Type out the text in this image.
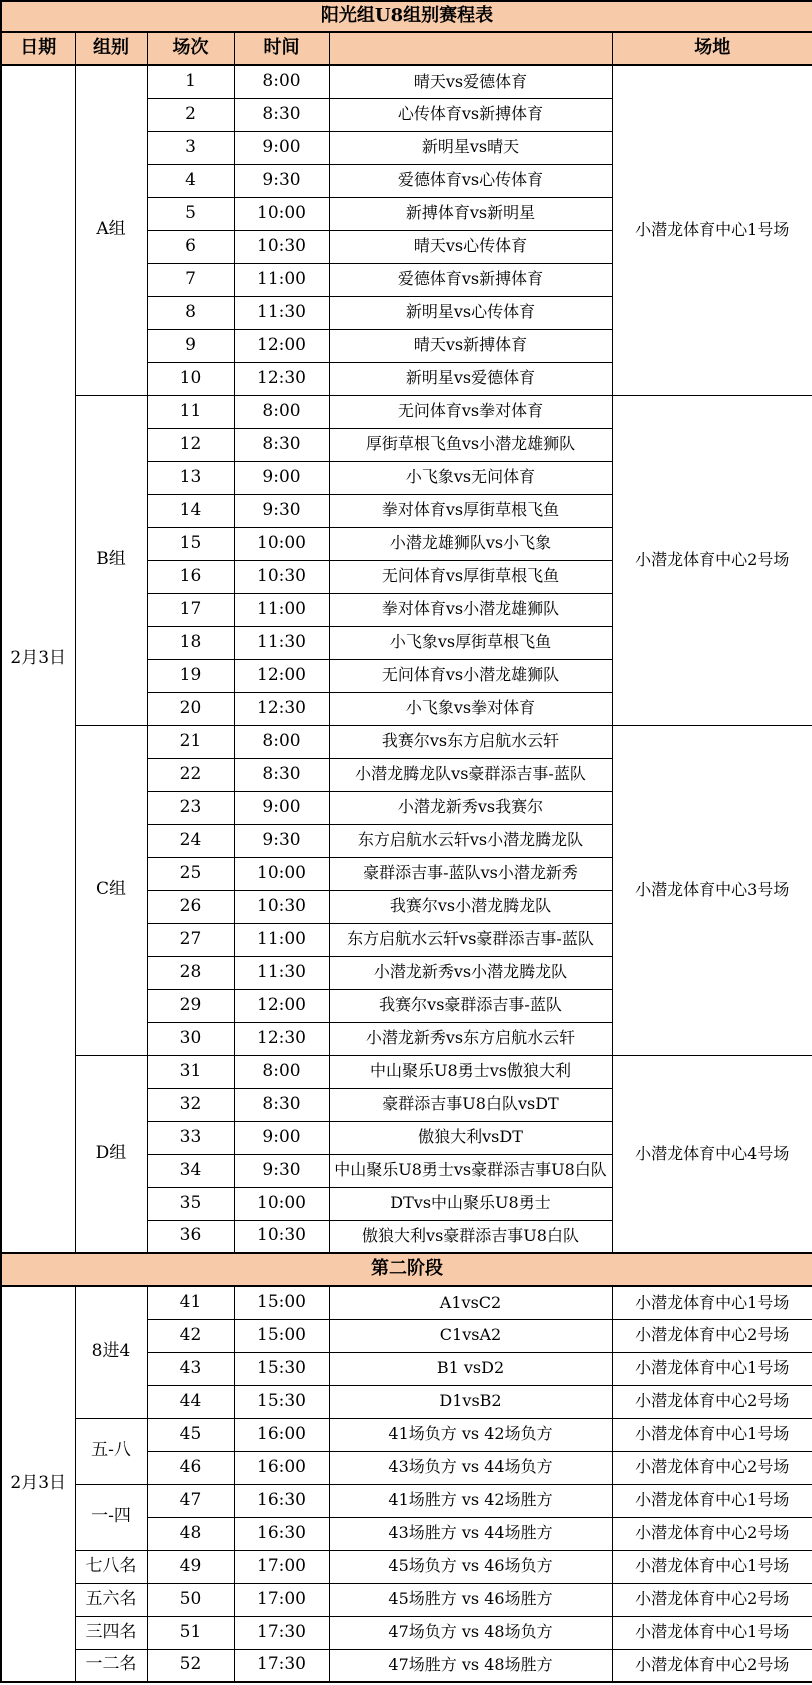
阳光组U8组别赛程表					
日期	组别	场次	时间		场地
2月3日	A组	1	8:00	晴天vs爱德体育	小潜龙体育中心1号场
		2	8:30	心传体育vs新搏体育	
		3	9:00	新明星vs晴天	
		4	9:30	爱德体育vs心传体育	
		5	10:00	新搏体育vs新明星	
		6	10:30	晴天vs心传体育	
		7	11:00	爱德体育vs新搏体育	
		8	11:30	新明星vs心传体育	
		9	12:00	晴天vs新搏体育	
		10	12:30	新明星vs爱德体育	
	B组	11	8:00	无问体育vs拳对体育	小潜龙体育中心2号场
		12	8:30	厚街草根飞鱼vs小潜龙雄狮队	
		13	9:00	小飞象vs无问体育	
		14	9:30	拳对体育vs厚街草根飞鱼	
		15	10:00	小潜龙雄狮队vs小飞象	
		16	10:30	无问体育vs厚街草根飞鱼	
		17	11:00	拳对体育vs小潜龙雄狮队	
		18	11:30	小飞象vs厚街草根飞鱼	
		19	12:00	无问体育vs小潜龙雄狮队	
		20	12:30	小飞象vs拳对体育	
	C组	21	8:00	我赛尔vs东方启航水云轩	小潜龙体育中心3号场
		22	8:30	小潜龙腾龙队vs豪群添吉事-蓝队	
		23	9:00	小潜龙新秀vs我赛尔	
		24	9:30	东方启航水云轩vs小潜龙腾龙队	
		25	10:00	豪群添吉事-蓝队vs小潜龙新秀	
		26	10:30	我赛尔vs小潜龙腾龙队	
		27	11:00	东方启航水云轩vs豪群添吉事-蓝队	
		28	11:30	小潜龙新秀vs小潜龙腾龙队	
		29	12:00	我赛尔vs豪群添吉事-蓝队	
		30	12:30	小潜龙新秀vs东方启航水云轩	
	D组	31	8:00	中山聚乐U8勇士vs傲狼大利	小潜龙体育中心4号场
		32	8:30	豪群添吉事U8白队vsDT	
		33	9:00	傲狼大利vsDT	
		34	9:30	中山聚乐U8勇士vs豪群添吉事U8白队	
		35	10:00	DTvs中山聚乐U8勇士	
		36	10:30	傲狼大利vs豪群添吉事U8白队	
第二阶段					
2月3日	8进4	41	15:00	A1vsC2	小潜龙体育中心1号场
		42	15:00	C1vsA2	小潜龙体育中心2号场
		43	15:30	B1 vsD2	小潜龙体育中心1号场
		44	15:30	D1vsB2	小潜龙体育中心2号场
	五-八	45	16:00	41场负方 vs 42场负方	小潜龙体育中心1号场
		46	16:00	43场负方 vs 44场负方	小潜龙体育中心2号场
	一-四	47	16:30	41场胜方 vs 42场胜方	小潜龙体育中心1号场
		48	16:30	43场胜方 vs 44场胜方	小潜龙体育中心2号场
	七八名	49	17:00	45场负方 vs 46场负方	小潜龙体育中心1号场
	五六名	50	17:00	45场胜方 vs 46场胜方	小潜龙体育中心2号场
	三四名	51	17:30	47场负方 vs 48场负方	小潜龙体育中心1号场
	一二名	52	17:30	47场胜方 vs 48场胜方	小潜龙体育中心2号场
